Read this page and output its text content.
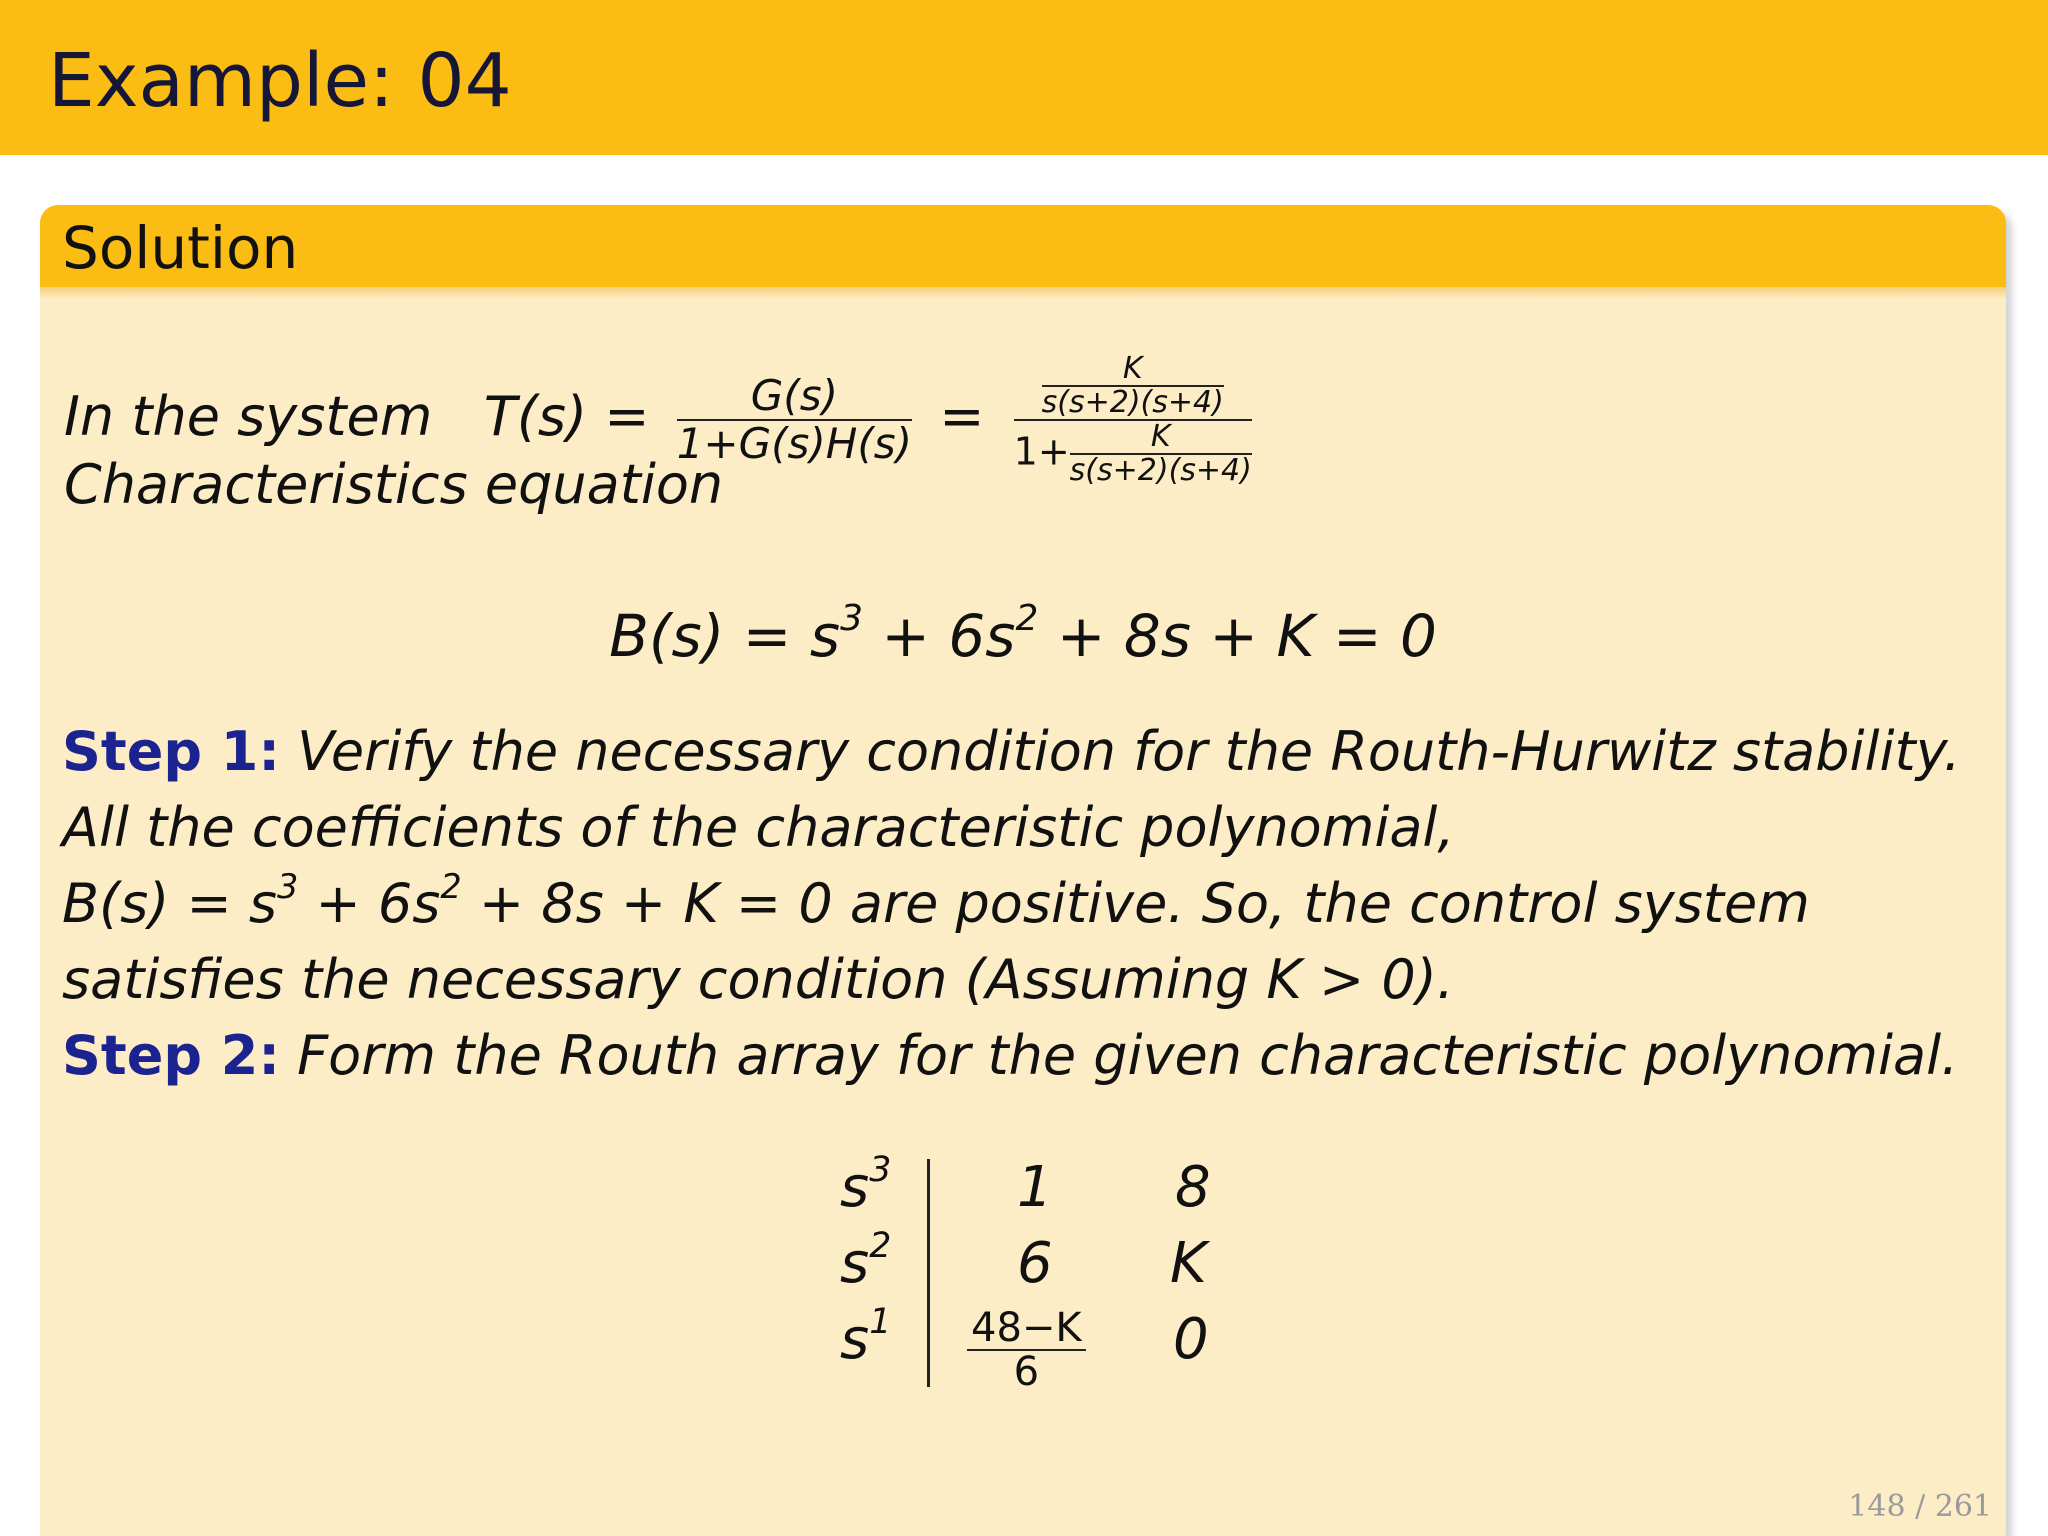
Example: 04
Solution
In the system $T(s) = \frac{G(s)}{1+G(s)H(s)} = \frac{\frac{K}{s(s+2)(s+4)}}{1+ \frac{K}{s(s+2)(s+4)}}$
Characteristics equation
$B(s) = s^3 + 6s^2 + 8s + K = 0$
Step 1: Verify the necessary condition for the Routh-Hurwitz stability.
All the coefficients of the characteristic polynomial,
$B(s) = s^3 + 6s^2 + 8s + K = 0$ are positive. So, the control system
satisfies the necessary condition (Assuming K > 0).
Step 2: Form the Routh array for the given characteristic polynomial.
148 / 261
$s^3$ 1 8
$s^2$ 6 K
$s^1 \frac{48-K}{6} 0$
